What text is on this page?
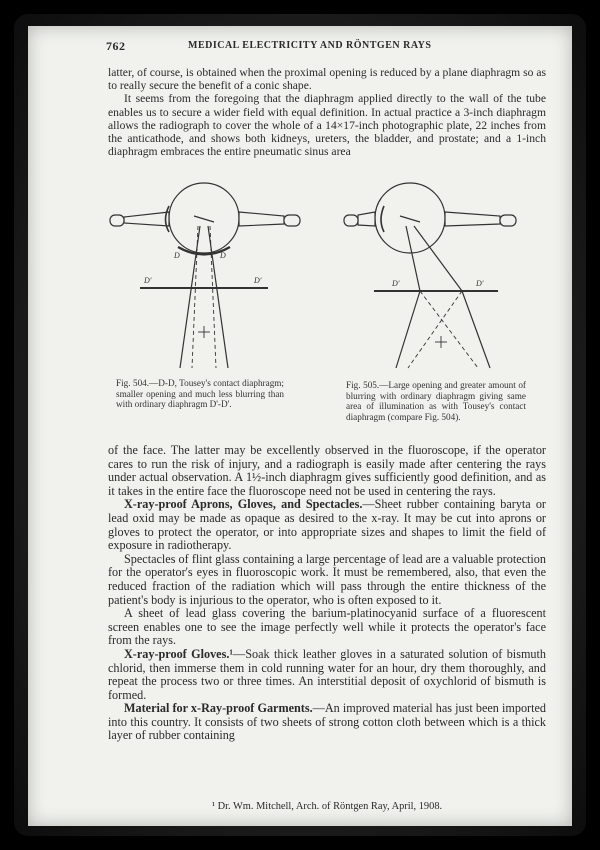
762	MEDICAL ELECTRICITY AND RÖNTGEN RAYS

latter, of course, is obtained when the proximal opening is reduced by a plane diaphragm so as to really secure the benefit of a conic shape.

It seems from the foregoing that the diaphragm applied directly to the wall of the tube enables us to secure a wider field with equal definition. In actual practice a 3-inch diaphragm allows the radiograph to cover the whole of a 14×17-inch photographic plate, 22 inches from the anticathode, and shows both kidneys, ureters, the bladder, and prostate; and a 1-inch diaphragm embraces the entire pneumatic sinus area

D	D
D'	D'	D'	D'
Fig. 504.—D-D, Tousey's contact diaphragm; smaller opening and much less blurring than with ordinary diaphragm D'-D'.
Fig. 505.—Large opening and greater amount of blurring with ordinary diaphragm giving same area of illumination as with Tousey's contact diaphragm (compare Fig. 504).

of the face. The latter may be excellently observed in the fluoroscope, if the operator cares to run the risk of injury, and a radiograph is easily made after centering the rays under actual observation. A 1½-inch diaphragm gives sufficiently good definition, and as it takes in the entire face the fluoroscope need not be used in centering the rays.

X-ray-proof Aprons, Gloves, and Spectacles.—Sheet rubber containing baryta or lead oxid may be made as opaque as desired to the x-ray. It may be cut into aprons or gloves to protect the operator, or into appropriate sizes and shapes to limit the field of exposure in radiotherapy.

Spectacles of flint glass containing a large percentage of lead are a valuable protection for the operator's eyes in fluoroscopic work. It must be remembered, also, that even the reduced fraction of the radiation which will pass through the entire thickness of the patient's body is injurious to the operator, who is often exposed to it.

A sheet of lead glass covering the barium-platinocyanid surface of a fluorescent screen enables one to see the image perfectly well while it protects the operator's face from the rays.

X-ray-proof Gloves.¹—Soak thick leather gloves in a saturated solution of bismuth chlorid, then immerse them in cold running water for an hour, dry them thoroughly, and repeat the process two or three times. An interstitial deposit of oxychlorid of bismuth is formed.

Material for x-Ray-proof Garments.—An improved material has just been imported into this country. It consists of two sheets of strong cotton cloth between which is a thick layer of rubber containing

¹ Dr. Wm. Mitchell, Arch. of Röntgen Ray, April, 1908.
